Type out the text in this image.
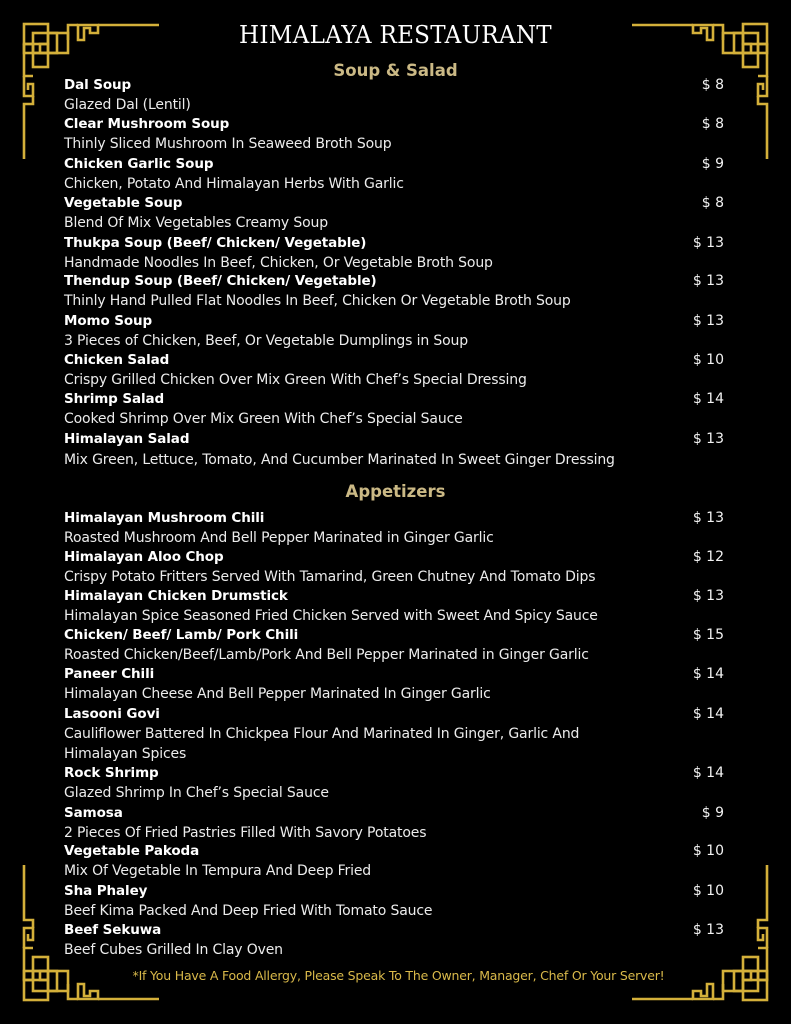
HIMALAYA RESTAURANT
Soup & Salad
Dal Soup
Glazed Dal (Lentil)
$ 8
Clear Mushroom Soup
Thinly Sliced Mushroom In Seaweed Broth Soup
$ 8
Chicken Garlic Soup
Chicken, Potato And Himalayan Herbs With Garlic
$ 9
Vegetable Soup
Blend Of Mix Vegetables Creamy Soup
$ 8
Thukpa Soup (Beef/ Chicken/ Vegetable)
Handmade Noodles In Beef, Chicken, Or Vegetable Broth Soup
$ 13
Thendup Soup (Beef/ Chicken/ Vegetable)
Thinly Hand Pulled Flat Noodles In Beef, Chicken Or Vegetable Broth Soup
$ 13
Momo Soup
3 Pieces of Chicken, Beef, Or Vegetable Dumplings in Soup
$ 13
Chicken Salad
Crispy Grilled Chicken Over Mix Green With Chef’s Special Dressing
$ 10
Shrimp Salad
Cooked Shrimp Over Mix Green With Chef’s Special Sauce
$ 14
Himalayan Salad
Mix Green, Lettuce, Tomato, And Cucumber Marinated In Sweet Ginger Dressing
$ 13
Appetizers
Himalayan Mushroom Chili
Roasted Mushroom And Bell Pepper Marinated in Ginger Garlic
$ 13
Himalayan Aloo Chop
Crispy Potato Fritters Served With Tamarind, Green Chutney And Tomato Dips
$ 12
Himalayan Chicken Drumstick
Himalayan Spice Seasoned Fried Chicken Served with Sweet And Spicy Sauce
$ 13
Chicken/ Beef/ Lamb/ Pork Chili
Roasted Chicken/Beef/Lamb/Pork And Bell Pepper Marinated in Ginger Garlic
$ 15
Paneer Chili
Himalayan Cheese And Bell Pepper Marinated In Ginger Garlic
$ 14
Lasooni Govi
Cauliflower Battered In Chickpea Flour And Marinated In Ginger, Garlic And Himalayan Spices
$ 14
Rock Shrimp
Glazed Shrimp In Chef’s Special Sauce
$ 14
Samosa
2 Pieces Of Fried Pastries Filled With Savory Potatoes
$ 9
Vegetable Pakoda
Mix Of Vegetable In Tempura And Deep Fried
$ 10
Sha Phaley
Beef Kima Packed And Deep Fried With Tomato Sauce
$ 10
Beef Sekuwa
Beef Cubes Grilled In Clay Oven
$ 13
*If You Have A Food Allergy, Please Speak To The Owner, Manager, Chef Or Your Server!
